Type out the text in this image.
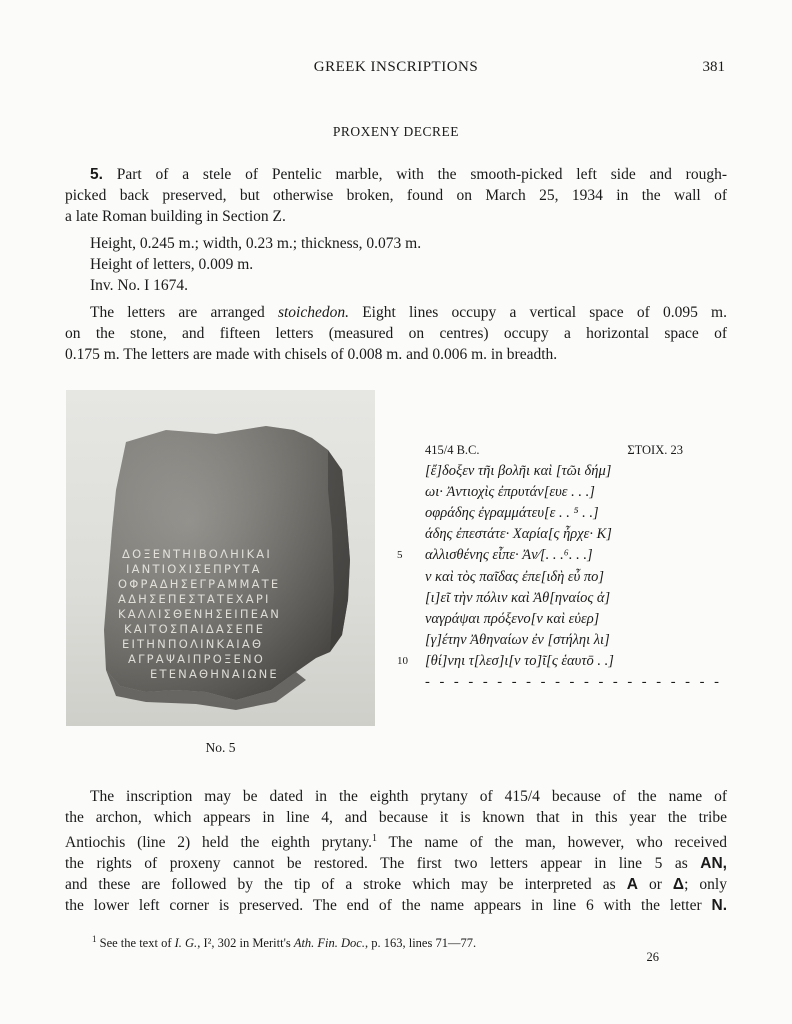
GREEK INSCRIPTIONS	381
PROXENY DECREE
5. Part of a stele of Pentelic marble, with the smooth-picked left side and rough-
picked back preserved, but otherwise broken, found on March 25, 1934 in the wall of
a late Roman building in Section Z.
Height, 0.245 m.; width, 0.23 m.; thickness, 0.073 m.
Height of letters, 0.009 m.
Inv. No. I 1674.
The letters are arranged stoichedon. Eight lines occupy a vertical space of 0.095 m.
on the stone, and fifteen letters (measured on centres) occupy a horizontal space of
0.175 m. The letters are made with chisels of 0.008 m. and 0.006 m. in breadth.
ΔΟΞΕΝΤΗΙΒΟΛΗΙΚΑΙ
ΙΑΝΤΙΟΧΙΣΕΠΡΥΤΑ
ΟΦΡΑΔΗΣΕΓΡΑΜΜΑΤΕ
ΑΔΗΣΕΠΕΣΤΑΤΕΧΑΡΙ
ΚΑΛΛΙΣΘΕΝΗΣΕΙΠΕΑΝ
ΚΑΙΤΟΣΠΑΙΔΑΣΕΠΕ
ΕΙΤΗΝΠΟΛΙΝΚΑΙΑΘ
ΑΓΡΑΨΑΙΠΡΟΞΕΝΟ
ΕΤΕΝΑΘΗΝΑΙΩΝΕ
No. 5
415/4 B.C.	ΣΤΟΙΧ. 23
[ἔ]δοξεν τῆι βολῆι καὶ [τῶι δήμ]
ωι· Ἀντιοχὶς ἐπρυτάν[ευε . . .]
οφράδης ἐγραμμάτευ[ε . . ⁵ . .]
άδης ἐπεστάτε· Χαρία[ς ἦρχε· Κ]
5 αλλισθένης εἶπε· Ἀν⁄[. . .⁶. . .]
ν καὶ τὸς παῖδας ἐπε[ιδὴ εὖ πο]
[ι]εῖ τὴν πόλιν καὶ Ἀθ[ηναίος ἀ]
ναγράψαι πρόξενο[ν καὶ εὐερ]
[γ]έτην Ἀθηναίων ἐν [στήληι λι]
10 [θί]νηι τ[λεσ]ι[ν το]ῖ[ς ἑαυτō . .]
- - - - - - - - - - - - - - - - - - - - -
The inscription may be dated in the eighth prytany of 415/4 because of the name of
the archon, which appears in line 4, and because it is known that in this year the tribe
Antiochis (line 2) held the eighth prytany.$^1$ The name of the man, however, who received
the rights of proxeny cannot be restored. The first two letters appear in line 5 as AN,
and these are followed by the tip of a stroke which may be interpreted as A or Δ; only
the lower left corner is preserved. The end of the name appears in line 6 with the letter N.
$^1$ See the text of I. G., I², 302 in Meritt's Ath. Fin. Doc., p. 163, lines 71—77.
26
